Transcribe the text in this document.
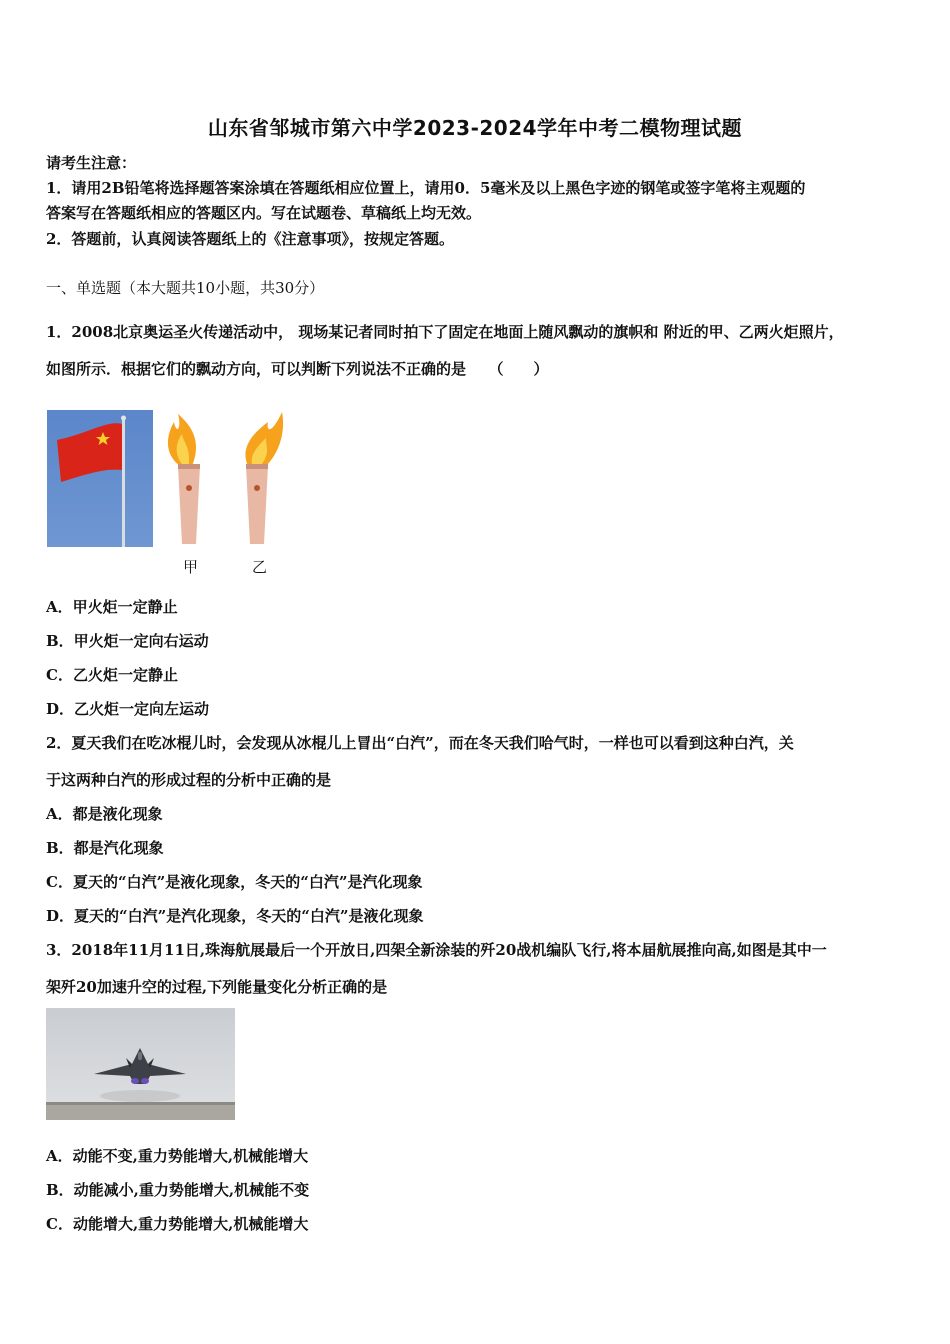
山东省邹城市第六中学2023-2024学年中考二模物理试题
请考生注意：
1．请用2B铅笔将选择题答案涂填在答题纸相应位置上，请用0．5毫米及以上黑色字迹的钢笔或签字笔将主观题的
答案写在答题纸相应的答题区内。写在试题卷、草稿纸上均无效。
2．答题前，认真阅读答题纸上的《注意事项》，按规定答题。
一、单选题（本大题共10小题，共30分）
1．2008北京奥运圣火传递活动中， 现场某记者同时拍下了固定在地面上随风飘动的旗帜和 附近的甲、乙两火炬照片，
如图所示．根据它们的飘动方向，可以判断下列说法不正确的是　　（　　）
甲	乙
A．甲火炬一定静止
B．甲火炬一定向右运动
C．乙火炬一定静止
D．乙火炬一定向左运动
2．夏天我们在吃冰棍儿时，会发现从冰棍儿上冒出“白汽”，而在冬天我们哈气时，一样也可以看到这种白汽，关
于这两种白汽的形成过程的分析中正确的是
A．都是液化现象
B．都是汽化现象
C．夏天的“白汽”是液化现象，冬天的“白汽”是汽化现象
D．夏天的“白汽”是汽化现象，冬天的“白汽”是液化现象
3．2018年11月11日,珠海航展最后一个开放日,四架全新涂装的歼20战机编队飞行,将本届航展推向高,如图是其中一
架歼20加速升空的过程,下列能量变化分析正确的是
A．动能不变,重力势能增大,机械能增大
B．动能减小,重力势能增大,机械能不变
C．动能增大,重力势能增大,机械能增大
